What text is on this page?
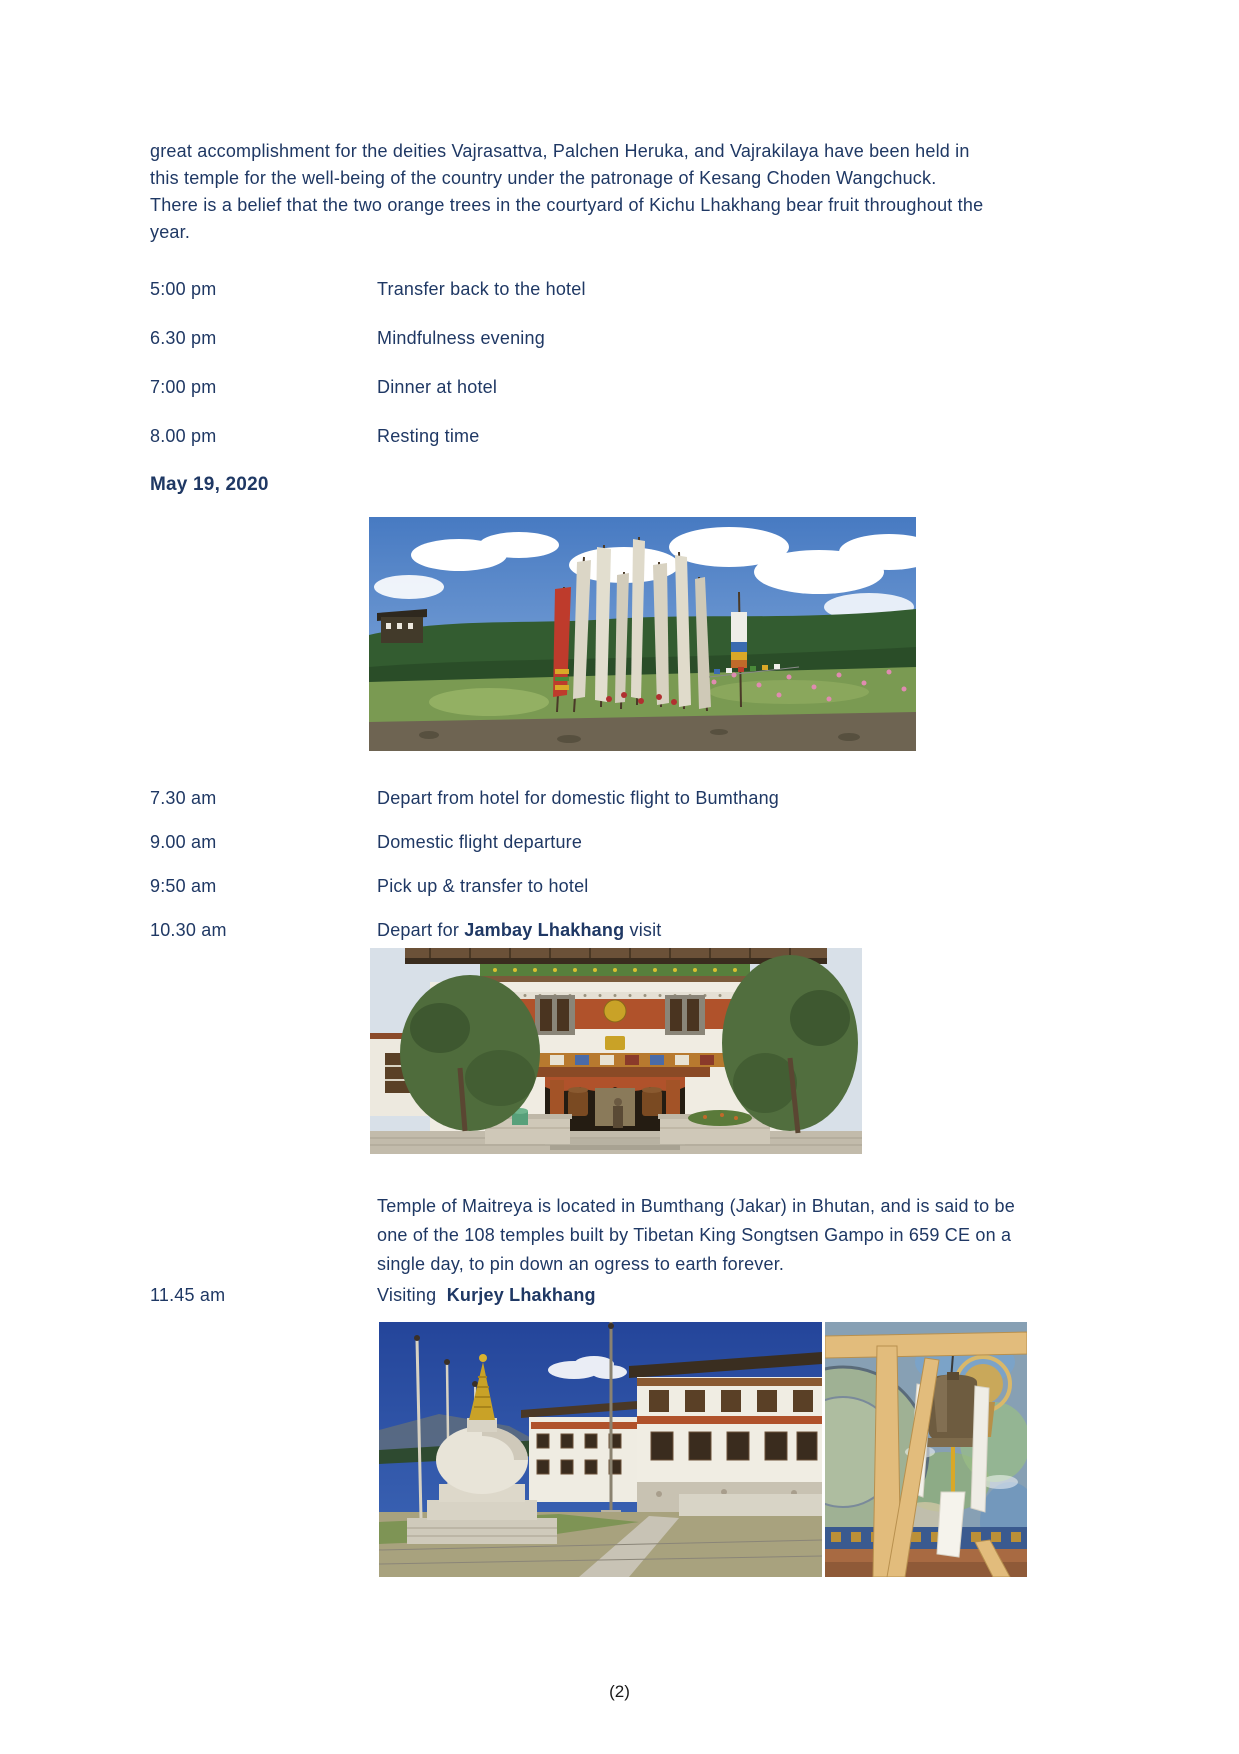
great accomplishment for the deities Vajrasattva, Palchen Heruka, and Vajrakilaya have been held in
this temple for the well-being of the country under the patronage of Kesang Choden Wangchuck.
There is a belief that the two orange trees in the courtyard of Kichu Lhakhang bear fruit throughout the
year.
5:00 pm	Transfer back to the hotel
6.30 pm	Mindfulness evening
7:00 pm	Dinner at hotel
8.00 pm	Resting time
May 19, 2020
7.30 am	Depart from hotel for domestic flight to Bumthang
9.00 am	Domestic flight departure
9:50 am	Pick up & transfer to hotel
10.30 am	Depart for Jambay Lhakhang visit
Temple of Maitreya is located in Bumthang (Jakar) in Bhutan, and is said to be
one of the 108 temples built by Tibetan King Songtsen Gampo in 659 CE on a
single day, to pin down an ogress to earth forever.
11.45 am	Visiting  Kurjey Lhakhang
(2)
